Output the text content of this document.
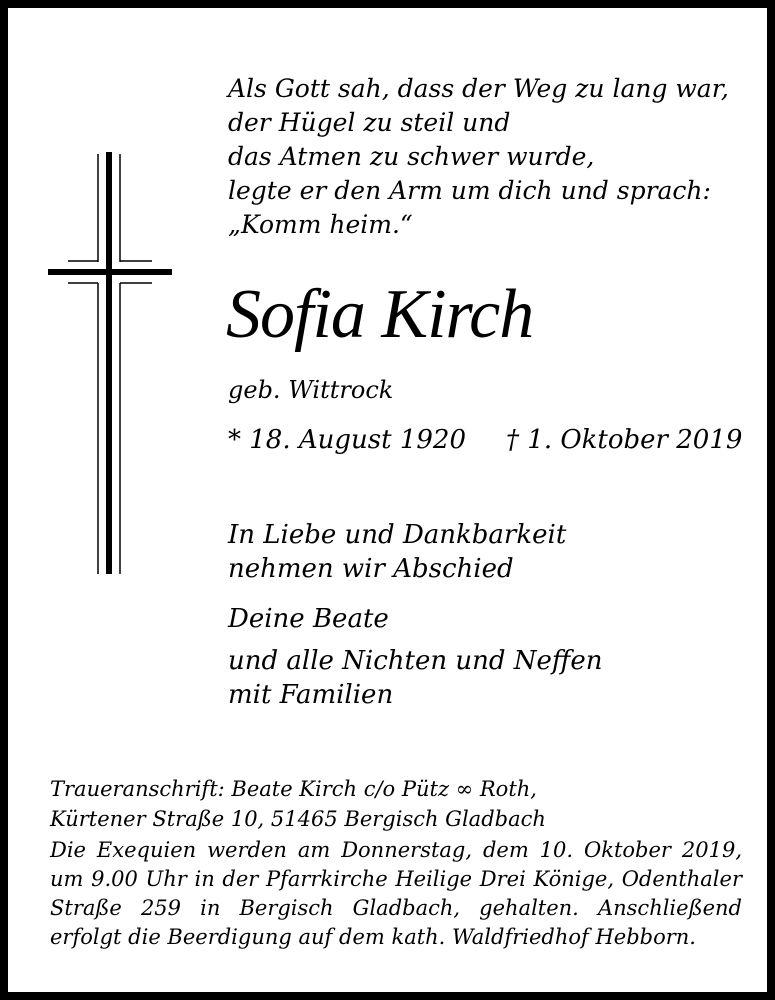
Als Gott sah, dass der Weg zu lang war,
der Hügel zu steil und
das Atmen zu schwer wurde,
legte er den Arm um dich und sprach:
„Komm heim.“
Sofia Kirch
geb. Wittrock
* 18. August 1920 † 1. Oktober 2019
In Liebe und Dankbarkeit
nehmen wir Abschied
Deine Beate
und alle Nichten und Neffen
mit Familien
Traueranschrift: Beate Kirch c/o Pütz ∞ Roth,
Kürtener Straße 10, 51465 Bergisch Gladbach
Die Exequien werden am Donnerstag, dem 10. Oktober 2019,
um 9.00 Uhr in der Pfarrkirche Heilige Drei Könige, Odenthaler
Straße 259 in Bergisch Gladbach, gehalten. Anschließend
erfolgt die Beerdigung auf dem kath. Waldfriedhof Hebborn.
